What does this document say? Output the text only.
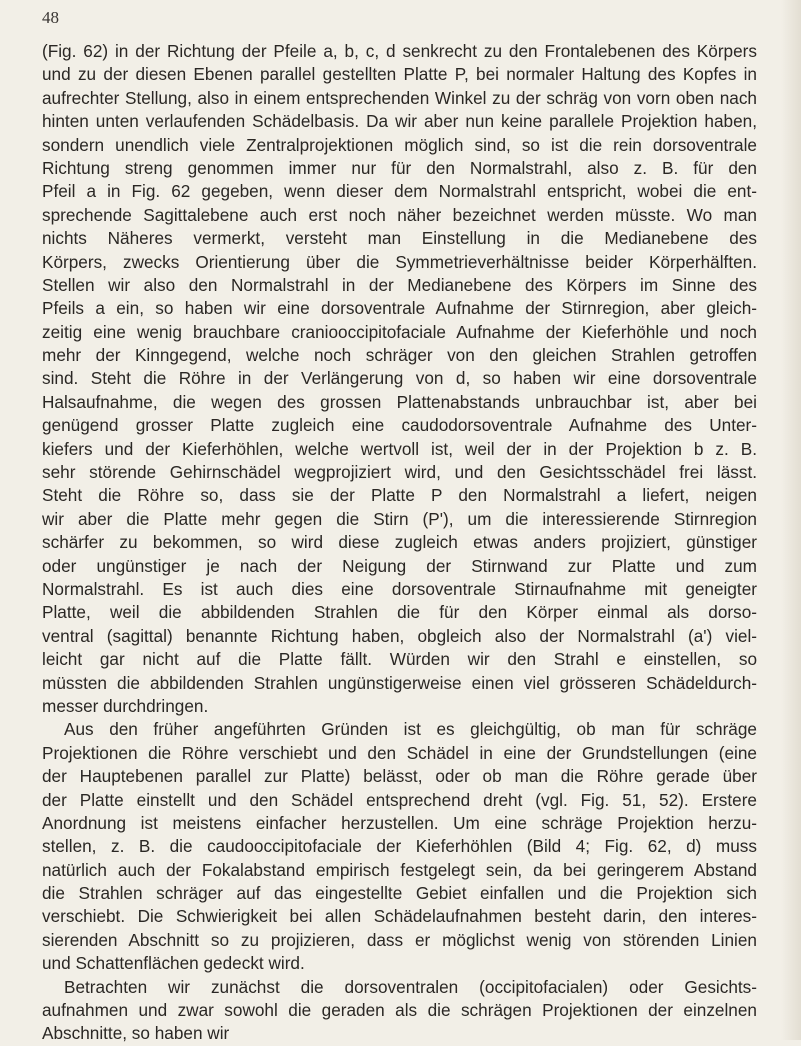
48
(Fig. 62) in der Richtung der Pfeile a, b, c, d senkrecht zu den Frontalebenen des Körpers
und zu der diesen Ebenen parallel gestellten Platte P, bei normaler Haltung des Kopfes in
aufrechter Stellung, also in einem entsprechenden Winkel zu der schräg von vorn oben nach
hinten unten verlaufenden Schädelbasis. Da wir aber nun keine parallele Projektion haben,
sondern unendlich viele Zentralprojektionen möglich sind, so ist die rein dorsoventrale
Richtung streng genommen immer nur für den Normalstrahl, also z. B. für den
Pfeil a in Fig. 62 gegeben, wenn dieser dem Normalstrahl entspricht, wobei die ent-
sprechende Sagittalebene auch erst noch näher bezeichnet werden müsste. Wo man
nichts Näheres vermerkt, versteht man Einstellung in die Medianebene des
Körpers, zwecks Orientierung über die Symmetrieverhältnisse beider Körperhälften.
Stellen wir also den Normalstrahl in der Medianebene des Körpers im Sinne des
Pfeils a ein, so haben wir eine dorsoventrale Aufnahme der Stirnregion, aber gleich-
zeitig eine wenig brauchbare craniooccipitofaciale Aufnahme der Kieferhöhle und noch
mehr der Kinngegend, welche noch schräger von den gleichen Strahlen getroffen
sind. Steht die Röhre in der Verlängerung von d, so haben wir eine dorsoventrale
Halsaufnahme, die wegen des grossen Plattenabstands unbrauchbar ist, aber bei
genügend grosser Platte zugleich eine caudodorsoventrale Aufnahme des Unter-
kiefers und der Kieferhöhlen, welche wertvoll ist, weil der in der Projektion b z. B.
sehr störende Gehirnschädel wegprojiziert wird, und den Gesichtsschädel frei lässt.
Steht die Röhre so, dass sie der Platte P den Normalstrahl a liefert, neigen
wir aber die Platte mehr gegen die Stirn (P'), um die interessierende Stirnregion
schärfer zu bekommen, so wird diese zugleich etwas anders projiziert, günstiger
oder ungünstiger je nach der Neigung der Stirnwand zur Platte und zum
Normalstrahl. Es ist auch dies eine dorsoventrale Stirnaufnahme mit geneigter
Platte, weil die abbildenden Strahlen die für den Körper einmal als dorso-
ventral (sagittal) benannte Richtung haben, obgleich also der Normalstrahl (a') viel-
leicht gar nicht auf die Platte fällt. Würden wir den Strahl e einstellen, so
müssten die abbildenden Strahlen ungünstigerweise einen viel grösseren Schädeldurch-
messer durchdringen.
Aus den früher angeführten Gründen ist es gleichgültig, ob man für schräge
Projektionen die Röhre verschiebt und den Schädel in eine der Grundstellungen (eine
der Hauptebenen parallel zur Platte) belässt, oder ob man die Röhre gerade über
der Platte einstellt und den Schädel entsprechend dreht (vgl. Fig. 51, 52). Erstere
Anordnung ist meistens einfacher herzustellen. Um eine schräge Projektion herzu-
stellen, z. B. die caudooccipitofaciale der Kieferhöhlen (Bild 4; Fig. 62, d) muss
natürlich auch der Fokalabstand empirisch festgelegt sein, da bei geringerem Abstand
die Strahlen schräger auf das eingestellte Gebiet einfallen und die Projektion sich
verschiebt. Die Schwierigkeit bei allen Schädelaufnahmen besteht darin, den interes-
sierenden Abschnitt so zu projizieren, dass er möglichst wenig von störenden Linien
und Schattenflächen gedeckt wird.
Betrachten wir zunächst die dorsoventralen (occipitofacialen) oder Gesichts-
aufnahmen und zwar sowohl die geraden als die schrägen Projektionen der einzelnen
Abschnitte, so haben wir
